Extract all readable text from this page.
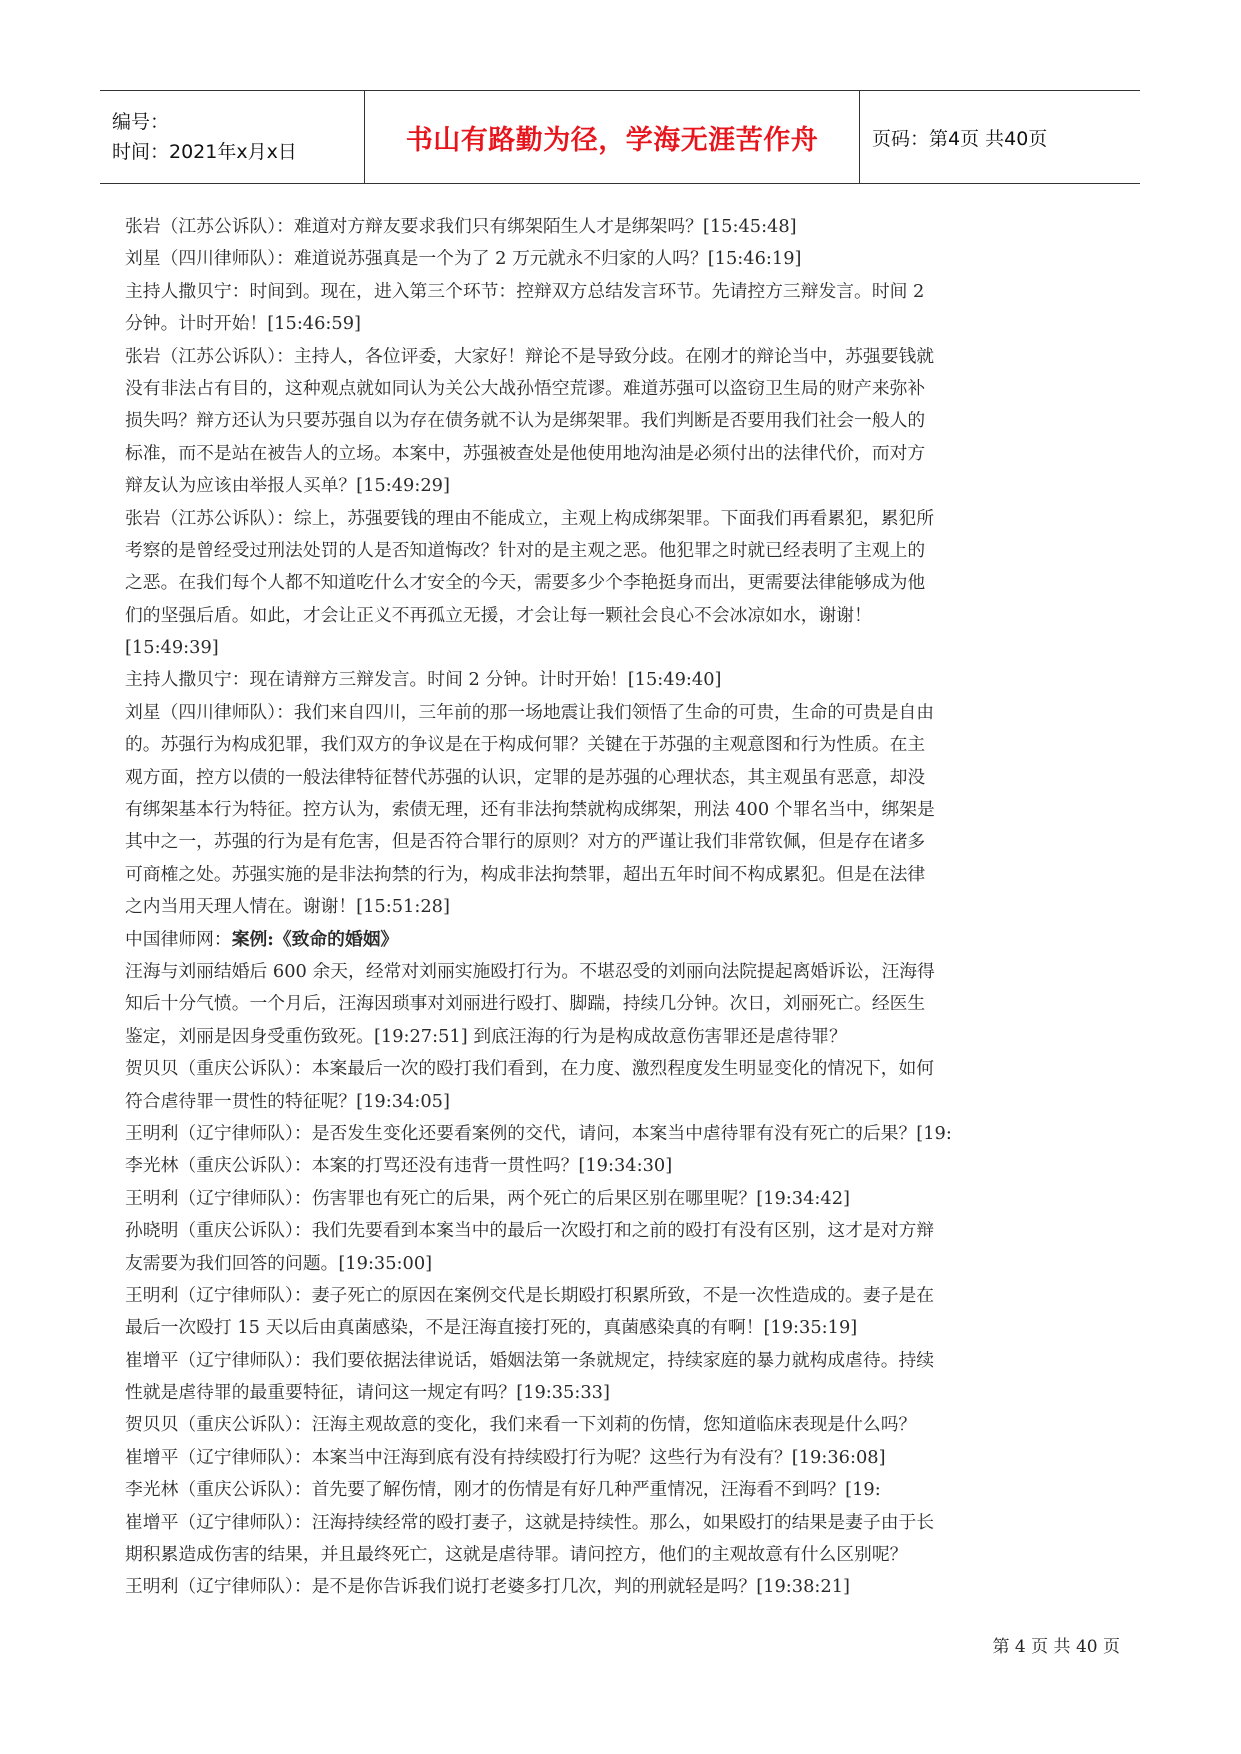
编号：
时间：2021年x月x日	书山有路勤为径，学海无涯苦作舟	页码：第4页 共40页
张岩（江苏公诉队）：难道对方辩友要求我们只有绑架陌生人才是绑架吗？[15:45:48]
刘星（四川律师队）：难道说苏强真是一个为了 2 万元就永不归家的人吗？[15:46:19]
主持人撒贝宁：时间到。现在，进入第三个环节：控辩双方总结发言环节。先请控方三辩发言。时间 2
分钟。计时开始！[15:46:59]
张岩（江苏公诉队）：主持人，各位评委，大家好！辩论不是导致分歧。在刚才的辩论当中，苏强要钱就
没有非法占有目的，这种观点就如同认为关公大战孙悟空荒谬。难道苏强可以盗窃卫生局的财产来弥补
损失吗？辩方还认为只要苏强自以为存在债务就不认为是绑架罪。我们判断是否要用我们社会一般人的
标准，而不是站在被告人的立场。本案中，苏强被查处是他使用地沟油是必须付出的法律代价，而对方
辩友认为应该由举报人买单？[15:49:29]
张岩（江苏公诉队）：综上，苏强要钱的理由不能成立，主观上构成绑架罪。下面我们再看累犯，累犯所
考察的是曾经受过刑法处罚的人是否知道悔改？针对的是主观之恶。他犯罪之时就已经表明了主观上的
之恶。在我们每个人都不知道吃什么才安全的今天，需要多少个李艳挺身而出，更需要法律能够成为他
们的坚强后盾。如此，才会让正义不再孤立无援，才会让每一颗社会良心不会冰凉如水，谢谢！
[15:49:39]
主持人撒贝宁：现在请辩方三辩发言。时间 2 分钟。计时开始！[15:49:40]
刘星（四川律师队）：我们来自四川，三年前的那一场地震让我们领悟了生命的可贵，生命的可贵是自由
的。苏强行为构成犯罪，我们双方的争议是在于构成何罪？关键在于苏强的主观意图和行为性质。在主
观方面，控方以债的一般法律特征替代苏强的认识，定罪的是苏强的心理状态，其主观虽有恶意，却没
有绑架基本行为特征。控方认为，索债无理，还有非法拘禁就构成绑架，刑法 400 个罪名当中，绑架是
其中之一，苏强的行为是有危害，但是否符合罪行的原则？对方的严谨让我们非常钦佩，但是存在诸多
可商榷之处。苏强实施的是非法拘禁的行为，构成非法拘禁罪，超出五年时间不构成累犯。但是在法律
之内当用天理人情在。谢谢！[15:51:28]
中国律师网：案例:《致命的婚姻》
汪海与刘丽结婚后 600 余天，经常对刘丽实施殴打行为。不堪忍受的刘丽向法院提起离婚诉讼，汪海得
知后十分气愤。一个月后，汪海因琐事对刘丽进行殴打、脚踹，持续几分钟。次日，刘丽死亡。经医生
鉴定，刘丽是因身受重伤致死。[19:27:51] 到底汪海的行为是构成故意伤害罪还是虐待罪？
贺贝贝（重庆公诉队）：本案最后一次的殴打我们看到，在力度、激烈程度发生明显变化的情况下，如何
符合虐待罪一贯性的特征呢？[19:34:05]
王明利（辽宁律师队）：是否发生变化还要看案例的交代，请问，本案当中虐待罪有没有死亡的后果？[19:
李光林（重庆公诉队）：本案的打骂还没有违背一贯性吗？[19:34:30]
王明利（辽宁律师队）：伤害罪也有死亡的后果，两个死亡的后果区别在哪里呢？[19:34:42]
孙晓明（重庆公诉队）：我们先要看到本案当中的最后一次殴打和之前的殴打有没有区别，这才是对方辩
友需要为我们回答的问题。[19:35:00]
王明利（辽宁律师队）：妻子死亡的原因在案例交代是长期殴打积累所致，不是一次性造成的。妻子是在
最后一次殴打 15 天以后由真菌感染，不是汪海直接打死的，真菌感染真的有啊！[19:35:19]
崔增平（辽宁律师队）：我们要依据法律说话，婚姻法第一条就规定，持续家庭的暴力就构成虐待。持续
性就是虐待罪的最重要特征，请问这一规定有吗？[19:35:33]
贺贝贝（重庆公诉队）：汪海主观故意的变化，我们来看一下刘莉的伤情，您知道临床表现是什么吗？
崔增平（辽宁律师队）：本案当中汪海到底有没有持续殴打行为呢？这些行为有没有？[19:36:08]
李光林（重庆公诉队）：首先要了解伤情，刚才的伤情是有好几种严重情况，汪海看不到吗？[19:
崔增平（辽宁律师队）：汪海持续经常的殴打妻子，这就是持续性。那么，如果殴打的结果是妻子由于长
期积累造成伤害的结果，并且最终死亡，这就是虐待罪。请问控方，他们的主观故意有什么区别呢？
王明利（辽宁律师队）：是不是你告诉我们说打老婆多打几次，判的刑就轻是吗？[19:38:21]
第 4 页 共 40 页
